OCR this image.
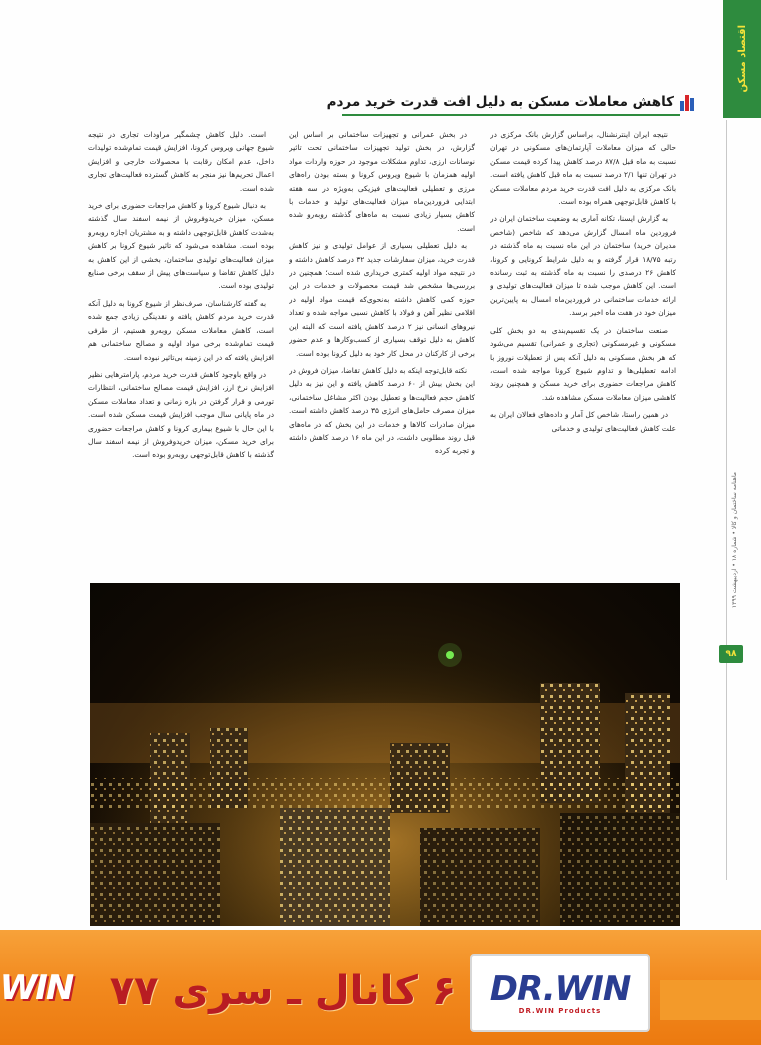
اقتصاد مسکن
ماهنامه ساختمان و کالا • شماره ۱۸ • اردیبهشت ۱۳۹۹
۹۸
کاهش معاملات مسکن به دلیل افت قدرت خرید مردم

نتیجه ایران اینترنشنال، براساس گزارش بانک مرکزی در حالی که میزان معاملات آپارتمان‌های مسکونی در تهران نسبت به ماه قبل ۸۷/۸ درصد کاهش پیدا کرده قیمت مسکن در تهران تنها ۲/۱ درصد نسبت به ماه قبل کاهش یافته است. بانک مرکزی به دلیل افت قدرت خرید مردم معاملات مسکن با کاهش قابل‌توجهی همراه بوده است.

به گزارش ایسنا، تکانه آماری به وضعیت ساختمان ایران در فروردین ماه امسال گزارش می‌دهد که شاخص (شاخص مدیران خرید) ساختمان در این ماه نسبت به ماه گذشته در رتبه ۱۸/۷۵ قرار گرفته و به دلیل شرایط کرونایی و کرونا، کاهش ۲۶ درصدی را نسبت به ماه گذشته به ثبت رسانده است. این کاهش موجب شده تا میزان فعالیت‌های تولیدی و ارائه خدمات ساختمانی در فروردین‌ماه امسال به پایین‌ترین میزان خود در هفت ماه اخیر برسد.

صنعت ساختمان در یک تقسیم‌بندی به دو بخش کلی مسکونی و غیرمسکونی (تجاری و عمرانی) تقسیم می‌شود که هر بخش مسکونی به دلیل آنکه پس از تعطیلات نوروز با ادامه تعطیلی‌ها و تداوم شیوع کرونا مواجه شده است، کاهش مراجعات حضوری برای خرید مسکن و همچنین روند کاهشی میزان معاملات مسکن مشاهده شد.

در همین راستا، شاخص کل آمار و داده‌های فعالان ایران به علت کاهش فعالیت‌های تولیدی و خدماتی

در بخش عمرانی و تجهیزات ساختمانی بر اساس این گزارش، در بخش تولید تجهیزات ساختمانی تحت تاثیر نوسانات ارزی، تداوم مشکلات موجود در حوزه واردات مواد اولیه همزمان با شیوع ویروس کرونا و بسته بودن راه‌های مرزی و تعطیلی فعالیت‌های فیزیکی به‌ویژه در سه هفته ابتدایی فروردین‌ماه میزان فعالیت‌های تولید و خدمات با کاهش بسیار زیادی نسبت به ماه‌های گذشته روبه‌رو شده است.

به دلیل تعطیلی بسیاری از عوامل تولیدی و نیز کاهش قدرت خرید، میزان سفارشات جدید ۳۲ درصد کاهش داشته و در نتیجه مواد اولیه کمتری خریداری شده است؛ همچنین در بررسی‌ها مشخص شد قیمت محصولات و خدمات در این حوزه کمی کاهش داشته به‌نحوی‌که قیمت مواد اولیه در اقلامی نظیر آهن و فولاد با کاهش نسبی مواجه شده و تعداد نیروهای انسانی نیز ۲ درصد کاهش یافته است که البته این کاهش به دلیل توقف بسیاری از کسب‌وکارها و عدم حضور برخی از کارکنان در محل کار خود به دلیل کرونا بوده است.

نکته قابل‌توجه اینکه به دلیل کاهش تقاضا، میزان فروش در این بخش بیش از ۶۰ درصد کاهش یافته و این نیز به دلیل کاهش حجم فعالیت‌ها و تعطیل بودن اکثر مشاغل ساختمانی، میزان مصرف حامل‌های انرژی ۳۵ درصد کاهش داشته است. میزان صادرات کالاها و خدمات در این بخش که در ماه‌های قبل روند مطلوبی داشت، در این ماه ۱۶ درصد کاهش داشته و تجربه کرده

است. دلیل کاهش چشمگیر مراودات تجاری در نتیجه شیوع جهانی ویروس کرونا، افزایش قیمت تمام‌شده تولیدات داخل، عدم امکان رقابت با محصولات خارجی و افزایش اعمال تحریم‌ها نیز منجر به کاهش گسترده فعالیت‌های تجاری شده است.

به دنبال شیوع کرونا و کاهش مراجعات حضوری برای خرید مسکن، میزان خرید‌وفروش از نیمه اسفند سال گذشته به‌شدت کاهش قابل‌توجهی داشته و به مشتریان اجازه روبه‌رو بوده است. مشاهده می‌شود که تاثیر شیوع کرونا بر کاهش میزان فعالیت‌های تولیدی ساختمان، بخشی از این کاهش به دلیل کاهش تقاضا و سیاست‌های پیش از سقف برخی صنایع تولیدی بوده است.

به گفته کارشناسان، صرف‌نظر از شیوع کرونا به دلیل آنکه قدرت خرید مردم کاهش یافته و نقدینگی زیادی جمع شده است، کاهش معاملات مسکن روبه‌رو هستیم، از طرفی قیمت تمام‌شده برخی مواد اولیه و مصالح ساختمانی هم افزایش یافته که در این زمینه بی‌تاثیر نبوده است.

در واقع باوجود کاهش قدرت خرید مردم، پارامترهایی نظیر افزایش نرخ ارز، افزایش قیمت مصالح ساختمانی، انتظارات تورمی و قرار گرفتن در بازه زمانی و تعداد معاملات مسکن در ماه پایانی سال موجب افزایش قیمت مسکن شده است. با این حال با شیوع بیماری کرونا و کاهش مراجعات حضوری برای خرید مسکن، میزان خرید‌وفروش از نیمه اسفند سال گذشته با کاهش قابل‌توجهی روبه‌رو بوده است.

WIN ۶ کانال ـ سری ۷۷ DR.WIN
DR.WIN Products
